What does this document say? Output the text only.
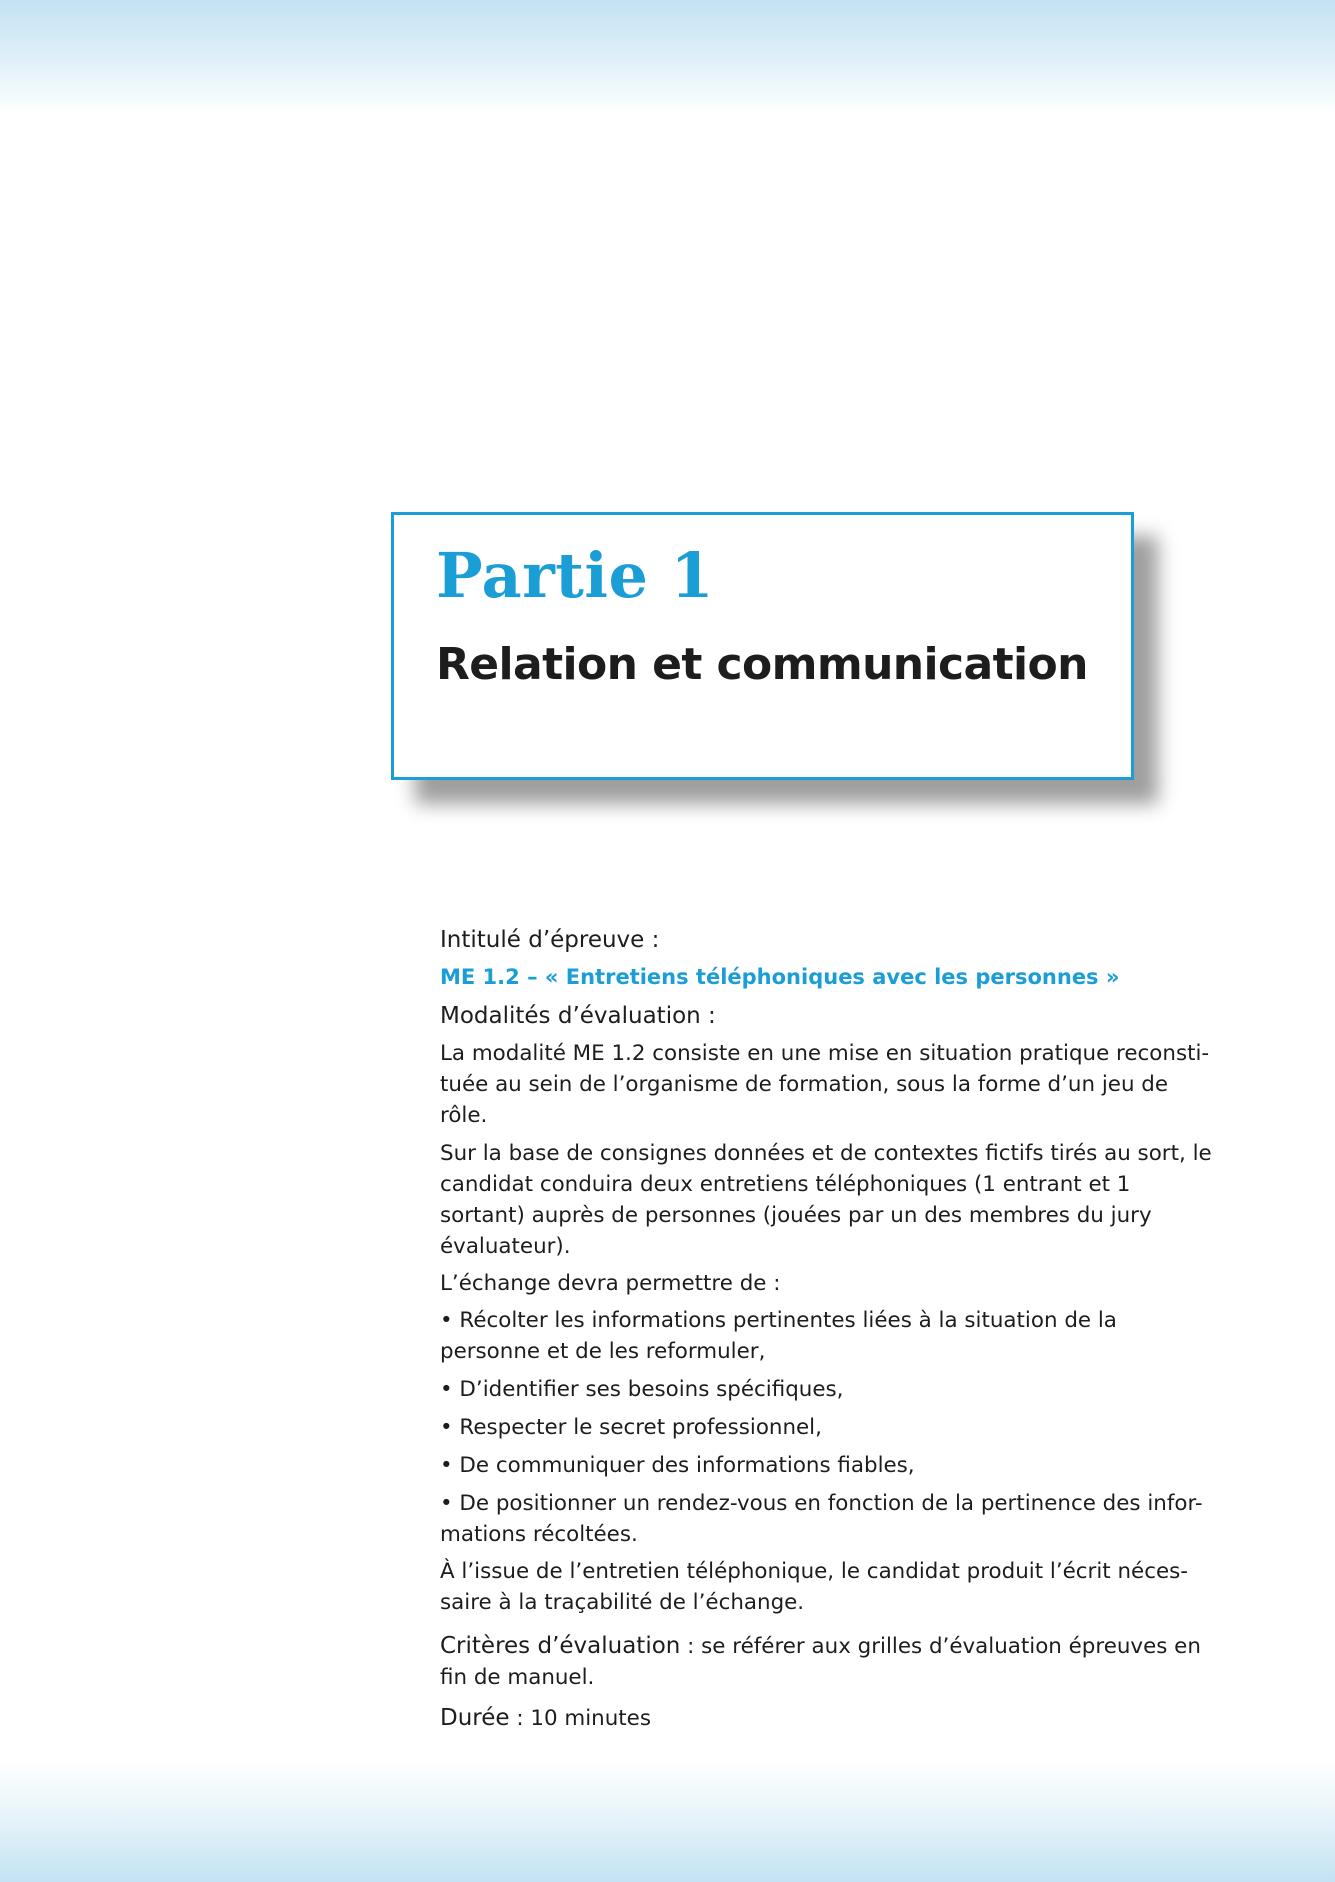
Partie 1
Relation et communication

Intitulé d’épreuve :

ME 1.2 – « Entretiens téléphoniques avec les personnes »

Modalités d’évaluation :

La modalité ME 1.2 consiste en une mise en situation pratique reconsti-tuée au sein de l’organisme de formation, sous la forme d’un jeu de rôle.

Sur la base de consignes données et de contextes fictifs tirés au sort, le candidat conduira deux entretiens téléphoniques (1 entrant et 1 sortant) auprès de personnes (jouées par un des membres du jury évaluateur).

L’échange devra permettre de :

• Récolter les informations pertinentes liées à la situation de la personne et de les reformuler,

• D’identifier ses besoins spécifiques,

• Respecter le secret professionnel,

• De communiquer des informations fiables,

• De positionner un rendez-vous en fonction de la pertinence des infor-mations récoltées.

À l’issue de l’entretien téléphonique, le candidat produit l’écrit néces-saire à la traçabilité de l’échange.

Critères d’évaluation : se référer aux grilles d’évaluation épreuves en fin de manuel.

Durée : 10 minutes
